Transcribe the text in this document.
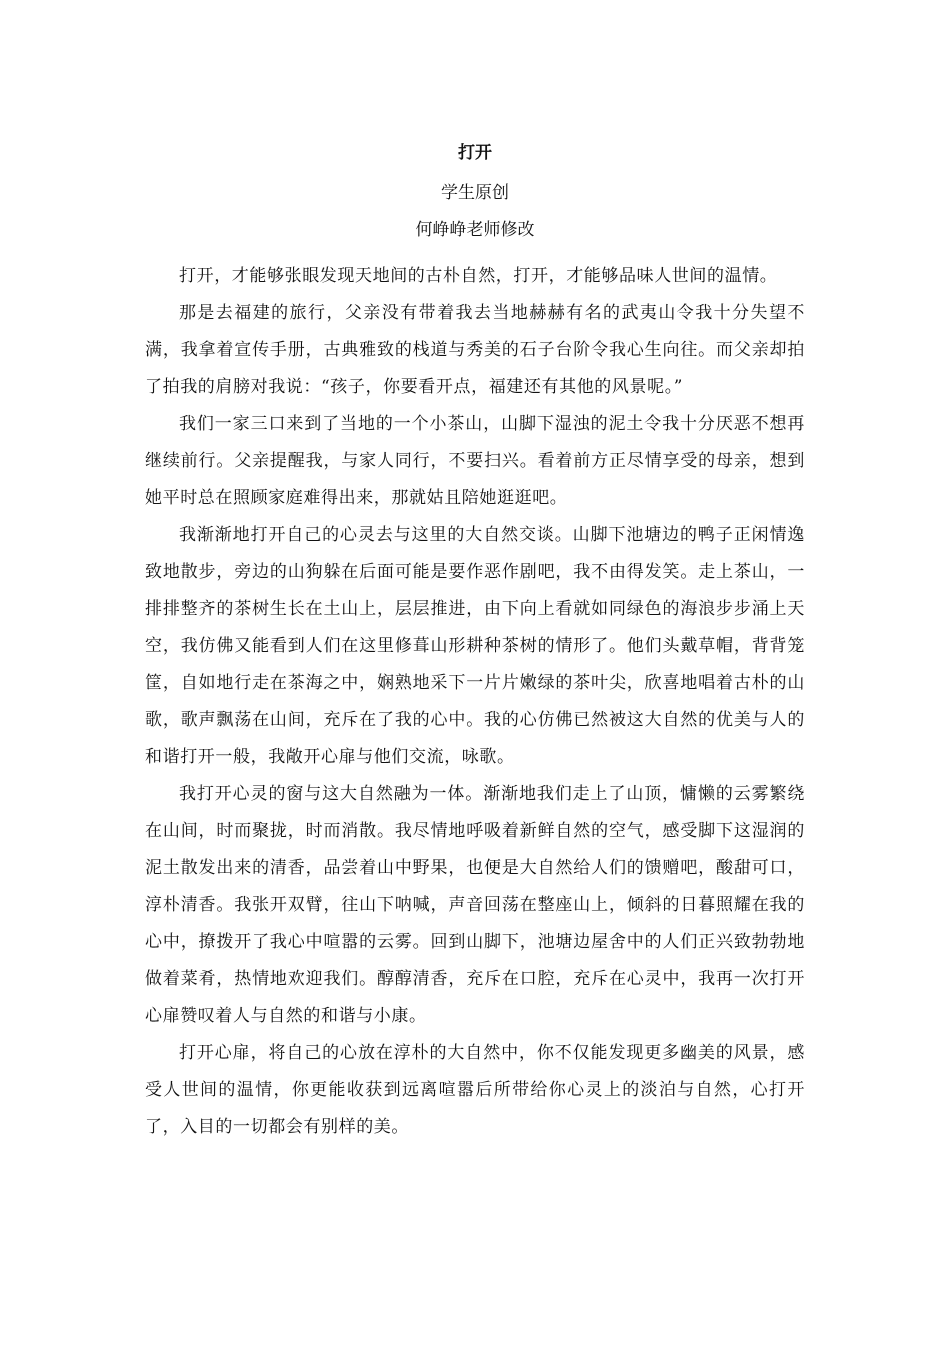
打开
学生原创
何峥峥老师修改

打开，才能够张眼发现天地间的古朴自然，打开，才能够品味人世间的温情。

那是去福建的旅行，父亲没有带着我去当地赫赫有名的武夷山令我十分失望不满，我拿着宣传手册，古典雅致的栈道与秀美的石子台阶令我心生向往。而父亲却拍了拍我的肩膀对我说：“孩子，你要看开点，福建还有其他的风景呢。”

我们一家三口来到了当地的一个小茶山，山脚下湿浊的泥土令我十分厌恶不想再继续前行。父亲提醒我，与家人同行，不要扫兴。看着前方正尽情享受的母亲，想到她平时总在照顾家庭难得出来，那就姑且陪她逛逛吧。

我渐渐地打开自己的心灵去与这里的大自然交谈。山脚下池塘边的鸭子正闲情逸致地散步，旁边的山狗躲在后面可能是要作恶作剧吧，我不由得发笑。走上茶山，一排排整齐的茶树生长在土山上，层层推进，由下向上看就如同绿色的海浪步步涌上天空，我仿佛又能看到人们在这里修葺山形耕种茶树的情形了。他们头戴草帽，背背笼筐，自如地行走在茶海之中，娴熟地采下一片片嫩绿的茶叶尖，欣喜地唱着古朴的山歌，歌声飘荡在山间，充斥在了我的心中。我的心仿佛已然被这大自然的优美与人的和谐打开一般，我敞开心扉与他们交流，咏歌。

我打开心灵的窗与这大自然融为一体。渐渐地我们走上了山顶，慵懒的云雾繁绕在山间，时而聚拢，时而消散。我尽情地呼吸着新鲜自然的空气，感受脚下这湿润的泥土散发出来的清香，品尝着山中野果，也便是大自然给人们的馈赠吧，酸甜可口，淳朴清香。我张开双臂，往山下呐喊，声音回荡在整座山上，倾斜的日暮照耀在我的心中，撩拨开了我心中喧嚣的云雾。回到山脚下，池塘边屋舍中的人们正兴致勃勃地做着菜肴，热情地欢迎我们。醇醇清香，充斥在口腔，充斥在心灵中，我再一次打开心扉赞叹着人与自然的和谐与小康。

打开心扉，将自己的心放在淳朴的大自然中，你不仅能发现更多幽美的风景，感受人世间的温情，你更能收获到远离喧嚣后所带给你心灵上的淡泊与自然，心打开了，入目的一切都会有别样的美。
